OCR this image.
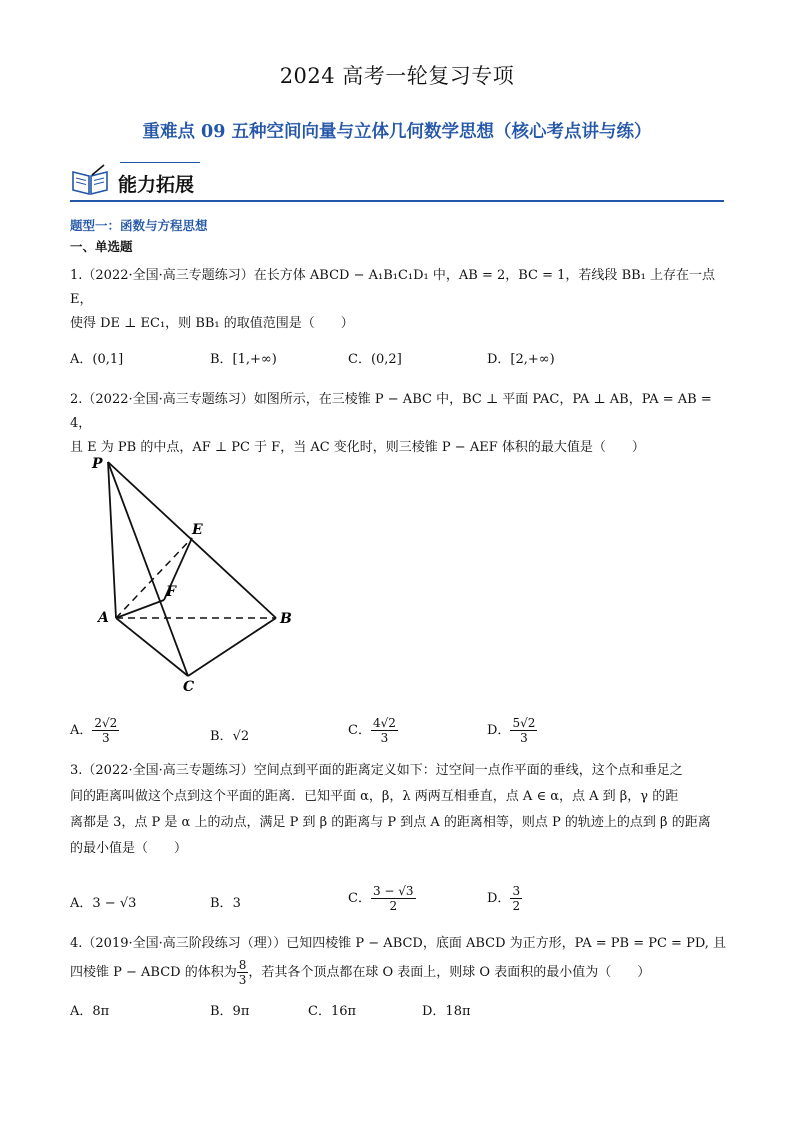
2024 高考一轮复习专项
重难点 09 五种空间向量与立体几何数学思想（核心考点讲与练）
能力拓展
题型一：函数与方程思想
一、单选题
1.（2022·全国·高三专题练习）在长方体 ABCD − A₁B₁C₁D₁ 中，AB = 2，BC = 1，若线段 BB₁ 上存在一点 E，
使得 DE ⊥ EC₁，则 BB₁ 的取值范围是（　　）
A．(0,1]	B．[1,+∞)	C．(0,2]	D．[2,+∞)
2.（2022·全国·高三专题练习）如图所示，在三棱锥 P − ABC 中，BC ⊥ 平面 PAC，PA ⊥ AB，PA = AB = 4，
且 E 为 PB 的中点，AF ⊥ PC 于 F，当 AC 变化时，则三棱锥 P − AEF 体积的最大值是（　　）
P
E
F
A	B
C
A． $\frac{2√2}{3}$	B．√2	C． $\frac{4√2}{3}$	D． $\frac{5√2}{3}$
3.（2022·全国·高三专题练习）空间点到平面的距离定义如下：过空间一点作平面的垂线，这个点和垂足之
间的距离叫做这个点到这个平面的距离．已知平面 α，β，λ 两两互相垂直，点 A ∈ α，点 A 到 β，γ 的距
离都是 3，点 P 是 α 上的动点，满足 P 到 β 的距离与 P 到点 A 的距离相等，则点 P 的轨迹上的点到 β 的距离
的最小值是（　　）
A．3 − √3	B．3	C． $\frac{3 - √3}{2}$	D． $\frac{3}{2}$
4.（2019·全国·高三阶段练习（理））已知四棱锥 P − ABCD，底面 ABCD 为正方形，PA = PB = PC = PD, 且
四棱锥 P − ABCD 的体积为 $\frac{8}{3}$ ，若其各个顶点都在球 O 表面上，则球 O 表面积的最小值为（　　）
A．8π	B．9π	C．16π	D．18π
